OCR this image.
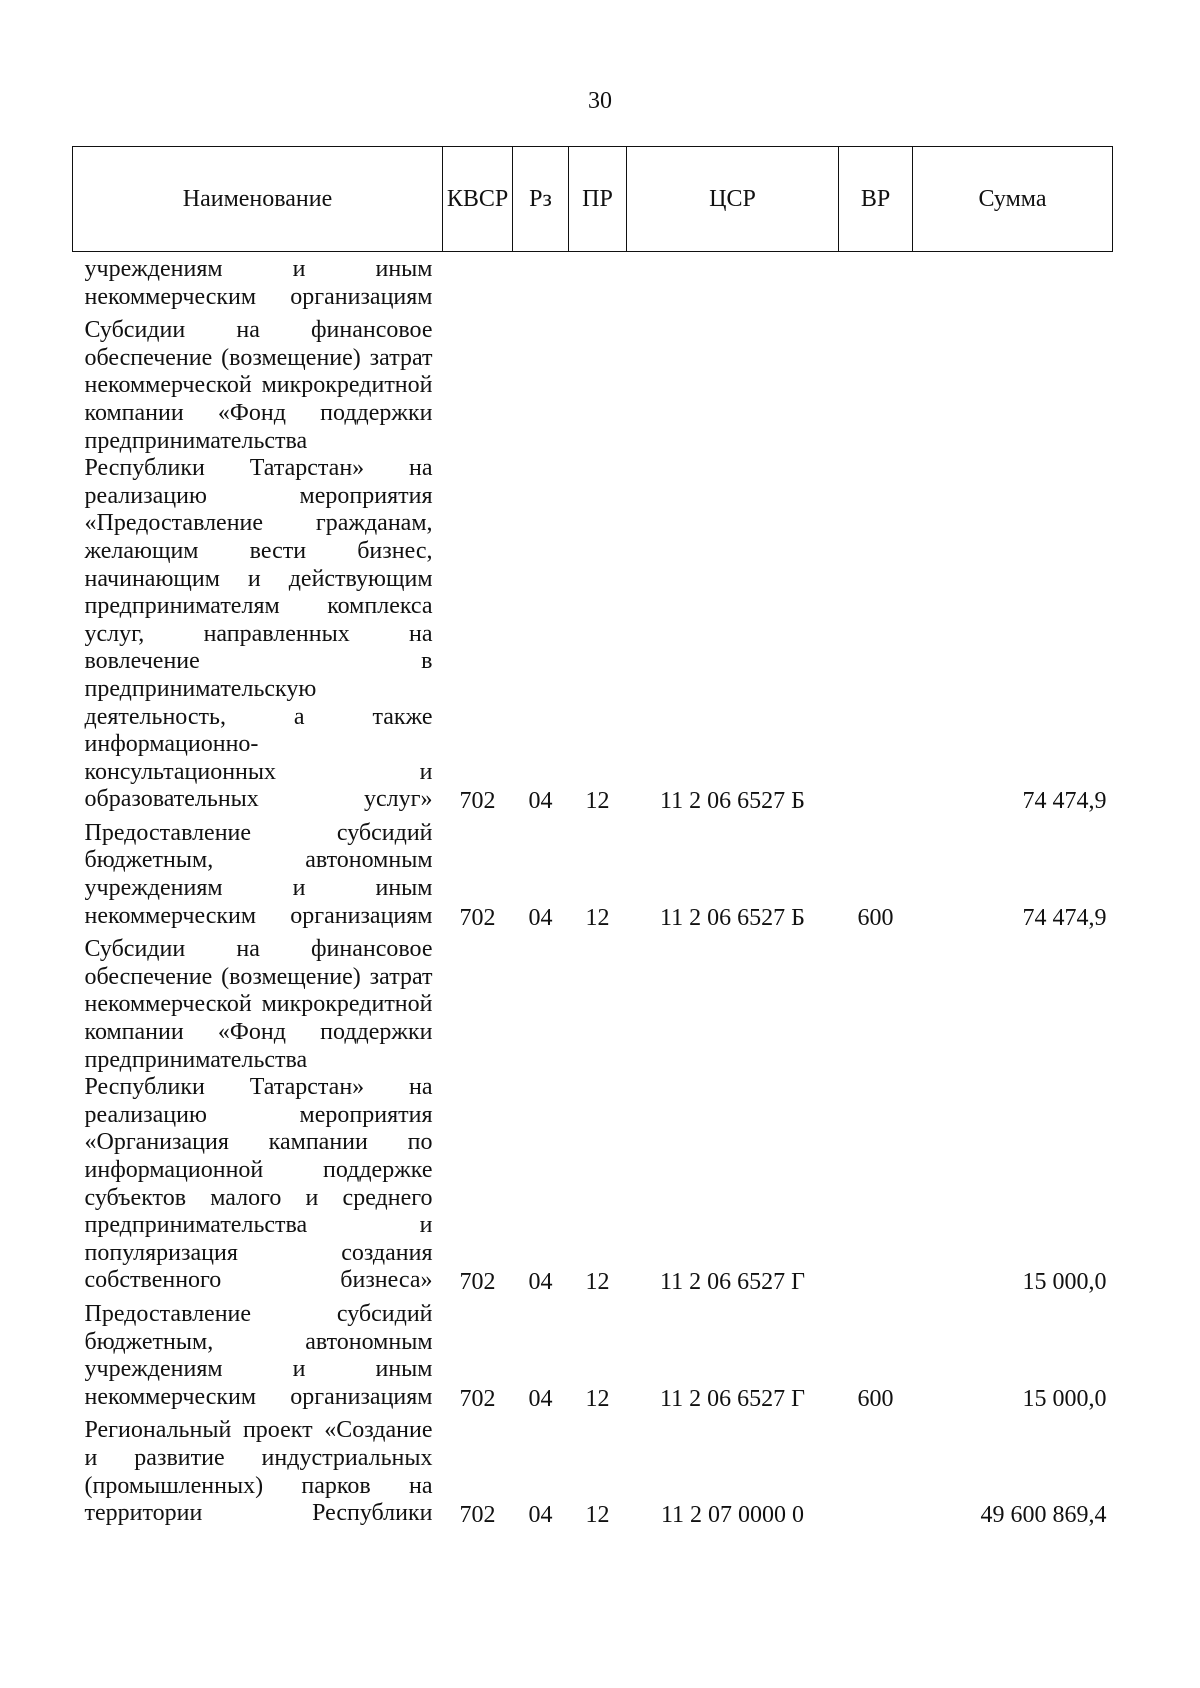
30
Наименование	КВСР	Рз	ПР	ЦСР	ВР	Сумма
учреждениям и иным некоммерческим организациям						
Субсидии на финансовое обеспечение (возмещение) затрат некоммерческой микрокредитной компании «Фонд поддержки предпринимательства Республики Татарстан» на реализацию мероприятия «Предоставление гражданам, желающим вести бизнес, начинающим и действующим предпринимателям комплекса услуг, направленных на вовлечение в предпринимательскую деятельность, а также информационно-консультационных и образовательных услуг»	702	04	12	11 2 06 6527 Б		74 474,9
Предоставление субсидий бюджетным, автономным учреждениям и иным некоммерческим организациям	702	04	12	11 2 06 6527 Б	600	74 474,9
Субсидии на финансовое обеспечение (возмещение) затрат некоммерческой микрокредитной компании «Фонд поддержки предпринимательства Республики Татарстан» на реализацию мероприятия «Организация кампании по информационной поддержке субъектов малого и среднего предпринимательства и популяризация создания собственного бизнеса»	702	04	12	11 2 06 6527 Г		15 000,0
Предоставление субсидий бюджетным, автономным учреждениям и иным некоммерческим организациям	702	04	12	11 2 06 6527 Г	600	15 000,0
Региональный проект «Создание и развитие индустриальных (промышленных) парков на территории Республики	702	04	12	11 2 07 0000 0		49 600 869,4
